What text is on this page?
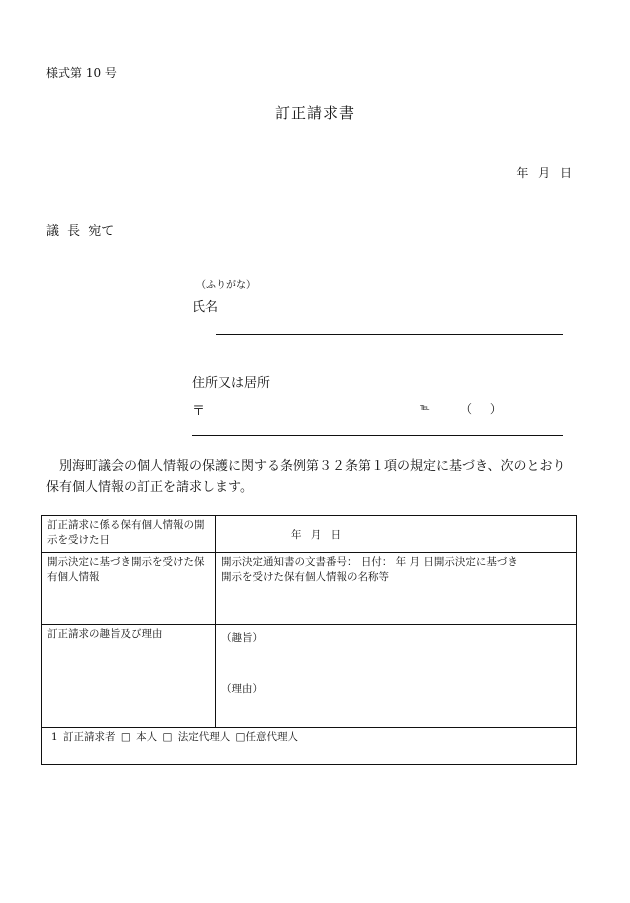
様式第 10 号
訂正請求書
年 月 日
議 長 宛て
（ふりがな）
氏名
住所又は居所
〒	℡	（ ）
別海町議会の個人情報の保護に関する条例第３２条第１項の規定に基づき、次のとおり
保有個人情報の訂正を請求します。
訂正請求に係る保有個人情報の開示を受けた日	年 月 日

開示決定に基づき開示を受けた保有個人情報	開示決定通知書の文書番号： 日付： 年 月 日開示決定に基づき
開示を受けた保有個人情報の名称等

訂正請求の趣旨及び理由	（趣旨）
（理由）

1 訂正請求者 □ 本人 □ 法定代理人 □任意代理人	
